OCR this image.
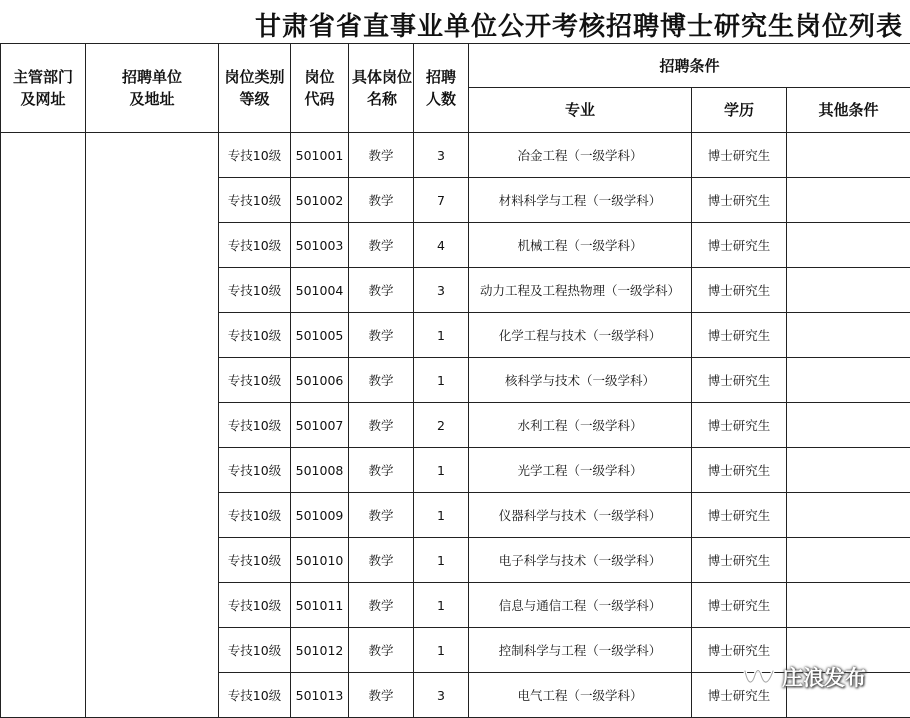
甘肃省省直事业单位公开考核招聘博士研究生岗位列表
主管部门及网址	招聘单位及地址	岗位类别等级	岗位代码	具体岗位名称	招聘人数	招聘条件		
						专业	学历	其他条件
		专技10级	501001	教学	3	冶金工程（一级学科）	博士研究生	
		专技10级	501002	教学	7	材料科学与工程（一级学科）	博士研究生	
		专技10级	501003	教学	4	机械工程（一级学科）	博士研究生	
		专技10级	501004	教学	3	动力工程及工程热物理（一级学科）	博士研究生	
		专技10级	501005	教学	1	化学工程与技术（一级学科）	博士研究生	
		专技10级	501006	教学	1	核科学与技术（一级学科）	博士研究生	
		专技10级	501007	教学	2	水利工程（一级学科）	博士研究生	
		专技10级	501008	教学	1	光学工程（一级学科）	博士研究生	
		专技10级	501009	教学	1	仪器科学与技术（一级学科）	博士研究生	
		专技10级	501010	教学	1	电子科学与技术（一级学科）	博士研究生	
		专技10级	501011	教学	1	信息与通信工程（一级学科）	博士研究生	
		专技10级	501012	教学	1	控制科学与工程（一级学科）	博士研究生	
		专技10级	501013	教学	3	电气工程（一级学科）	博士研究生	
庄浪发布
